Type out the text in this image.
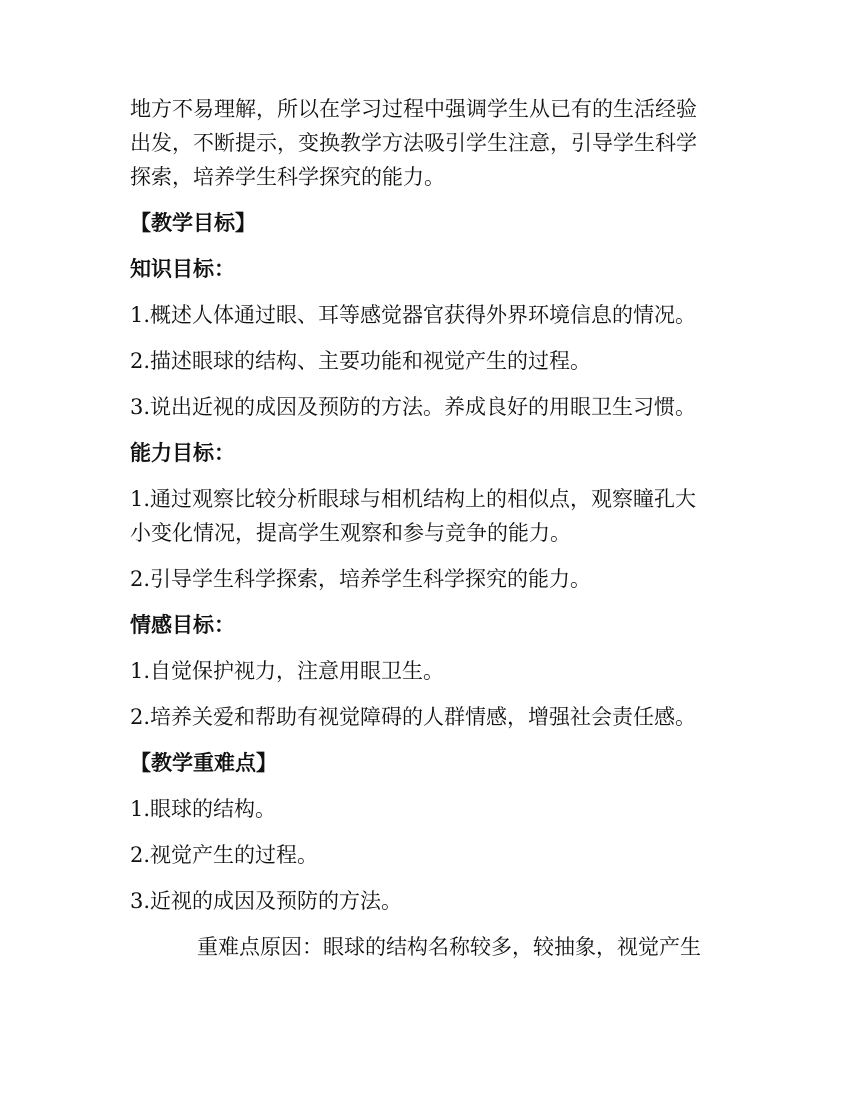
地方不易理解，所以在学习过程中强调学生从已有的生活经验

出发，不断提示，变换教学方法吸引学生注意，引导学生科学

探索，培养学生科学探究的能力。

【教学目标】

知识目标：

1.概述人体通过眼、耳等感觉器官获得外界环境信息的情况。

2.描述眼球的结构、主要功能和视觉产生的过程。

3.说出近视的成因及预防的方法。养成良好的用眼卫生习惯。

能力目标：

1.通过观察比较分析眼球与相机结构上的相似点，观察瞳孔大

小变化情况，提高学生观察和参与竞争的能力。

2.引导学生科学探索，培养学生科学探究的能力。

情感目标：

1.自觉保护视力，注意用眼卫生。

2.培养关爱和帮助有视觉障碍的人群情感，增强社会责任感。

【教学重难点】

1.眼球的结构。

2.视觉产生的过程。

3.近视的成因及预防的方法。

重难点原因：眼球的结构名称较多，较抽象，视觉产生
